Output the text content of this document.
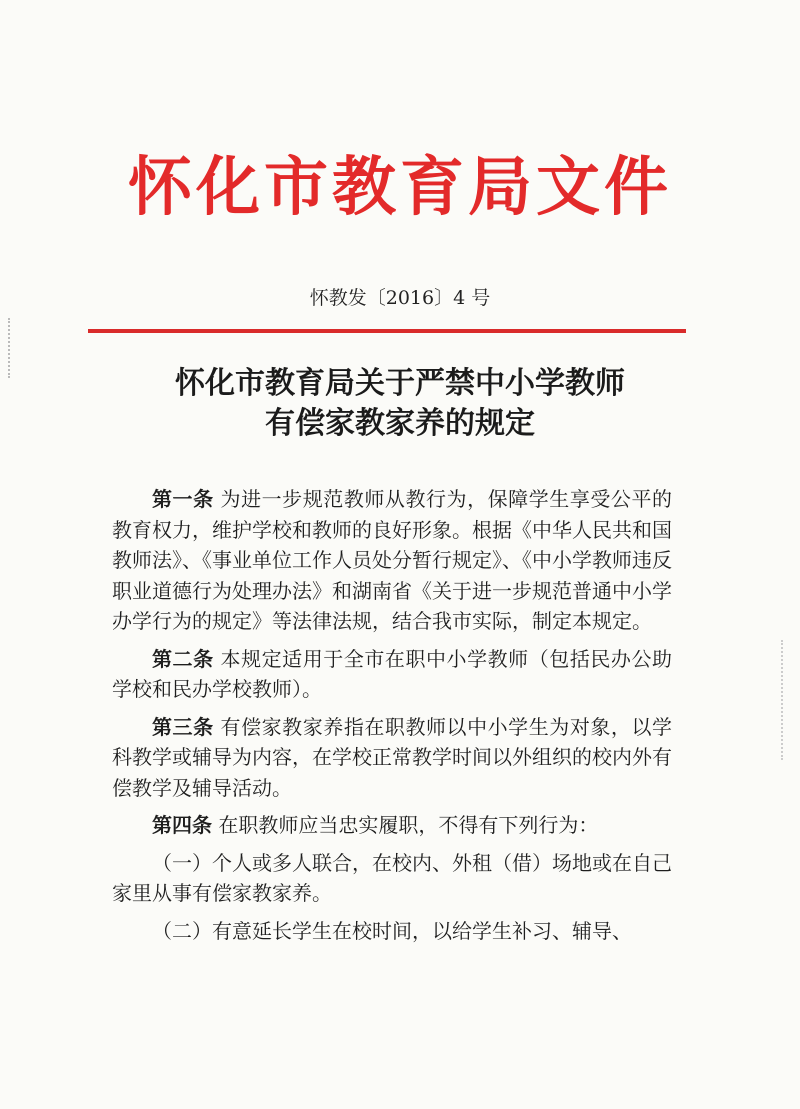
怀化市教育局文件
怀教发〔2016〕4 号
怀化市教育局关于严禁中小学教师
有偿家教家养的规定

第一条 为进一步规范教师从教行为，保障学生享受公平的教育权力，维护学校和教师的良好形象。根据《中华人民共和国教师法》、《事业单位工作人员处分暂行规定》、《中小学教师违反职业道德行为处理办法》和湖南省《关于进一步规范普通中小学办学行为的规定》等法律法规，结合我市实际，制定本规定。

第二条 本规定适用于全市在职中小学教师（包括民办公助学校和民办学校教师）。

第三条 有偿家教家养指在职教师以中小学生为对象，以学科教学或辅导为内容，在学校正常教学时间以外组织的校内外有偿教学及辅导活动。

第四条 在职教师应当忠实履职，不得有下列行为：

（一）个人或多人联合，在校内、外租（借）场地或在自己家里从事有偿家教家养。

（二）有意延长学生在校时间，以给学生补习、辅导、
